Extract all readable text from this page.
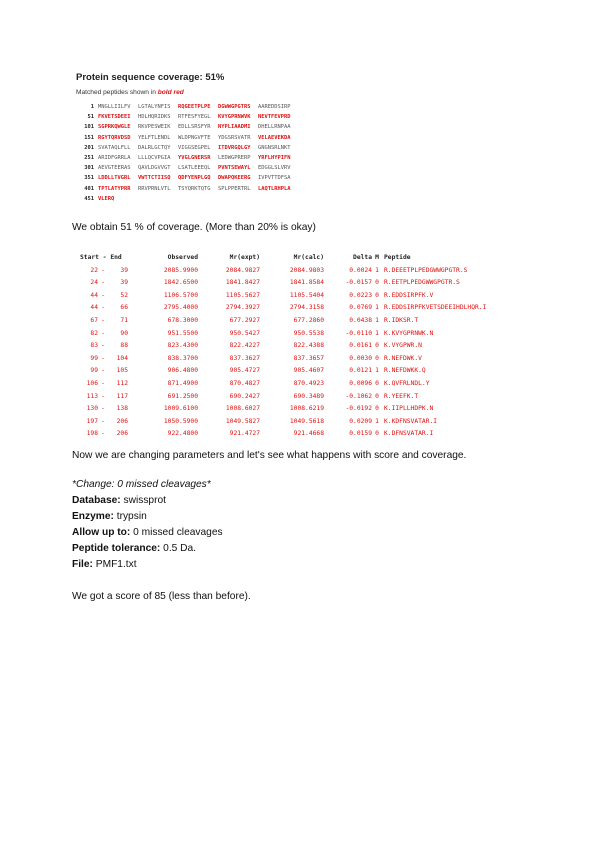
Protein sequence coverage: 51%
Matched peptides shown in bold red
1 MNGLLIILFV LGTALYNFIS RQGEETPLPE DGWWGPGTRS AAREDDSIRP
51 FKVETSDEEI HDLHQRIDKS RTFESFYEGL KVYGPRNWVK NEVTFEVPRD
101 SGPRKQWGLE RKVPESWEIK EDLLSRSFYR NYPLIAADMI DHELLRNPAA
151 RGYTQRVDSD YELFTLENDL WLDPNGVFTE YDGSRSVATR VELAEVEKDA
201 SVATAQLFLL DALRLGCTQY VIGGSEGPEL ITDVRGQLGY GNGNSRLNKT
251 ARIDFGRRLA LLLQCVPGIA YVGLGNERSR LEDWGPRERP YRFLHYPIFN
301 AEVGTEERAS QAVLDGVVGT LSATLEEEQL PVNTSEWAYL EDGGLSLVRV
351 LDDLLTVGRL VWTTCTIISQ QDFYENPLGQ DWAPQKEERG IVPVTTDFSA
401 TPTLATYPRR RRVPRNLVTL TSYQRKTQTG SPLPPERTRL LAQTLRHPLA
451 VLERQ
We obtain 51 % of coverage. (More than 20% is okay)
Start - End	Observed	Mr(expt)	Mr(calc)	Delta M Peptide
22 -	39	2085.9900	2084.9827	2084.9803	0.0024 1 R.DEEETPLPEDGWWGPGTR.S
24 -	39	1842.6500	1841.8427	1841.8584	-0.0157 0 R.EETPLPEDGWWGPGTR.S
44 -	52	1106.5700	1105.5627	1105.5404	0.0223 0 R.EDDSIRPFK.V
44 -	66	2795.4000	2794.3927	2794.3158	0.0769 1 R.EDDSIRPFKVETSDEEIHDLHQR.I
67 -	71	678.3000	677.2927	677.2860	0.0438 1 R.IDKSR.T
82 -	90	951.5500	950.5427	950.5538	-0.0110 1 K.KVYGPRNWK.N
83 -	88	823.4300	822.4227	822.4388	0.0161 0 K.VYGPWR.N
99 -	104	838.3700	837.3627	837.3657	0.0030 0 R.NEFDWK.V
99 -	105	906.4800	905.4727	905.4607	0.0121 1 R.NEFDWKK.Q
106 -	112	871.4900	870.4827	870.4923	0.0096 0 K.QVFRLNDL.Y
113 -	117	691.2500	690.2427	690.3489	-0.1062 0 R.YEEFK.T
130 -	138	1009.6100	1008.6027	1008.6219	-0.0192 0 K.IIPLLHDPK.N
197 -	206	1050.5900	1049.5827	1049.5618	0.0209 1 K.KDFNSVATAR.I
198 -	206	922.4800	921.4727	921.4668	0.0159 0 K.DFNSVATAR.I
Now we are changing parameters and let's see what happens with score and coverage.
*Change: 0 missed cleavages*
Database: swissprot
Enzyme: trypsin
Allow up to: 0 missed cleavages
Peptide tolerance: 0.5 Da.
File: PMF1.txt
We got a score of 85 (less than before).
